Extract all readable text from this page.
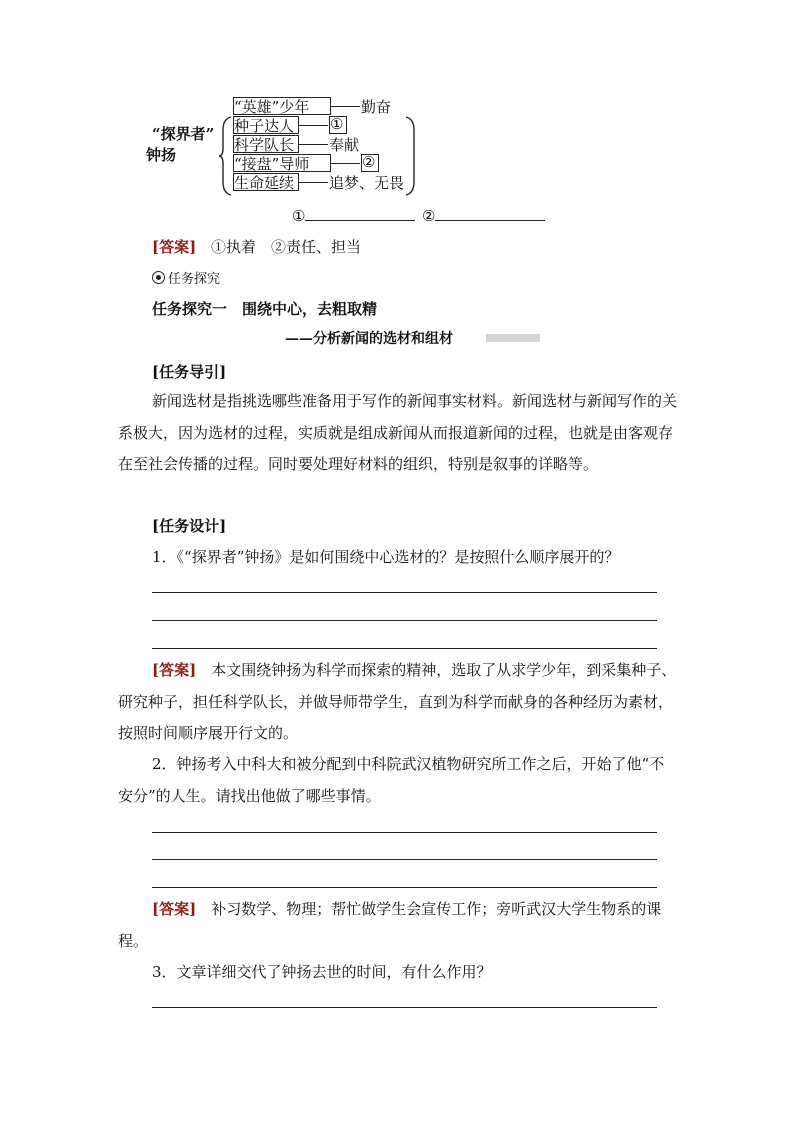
“探界者”
钟扬
“英雄”少年	勤奋
种子达人 ①
科学队长 奉献
“接盘”导师	②
生命延续 追梦、无畏
①	②
[答案] ①执着　②责任、担当
任务探究
任务探究一　围绕中心，去粗取精
——分析新闻的选材和组材
[任务导引]
新闻选材是指挑选哪些准备用于写作的新闻事实材料。新闻选材与新闻写作的关系极大，因为选材的过程，实质就是组成新闻从而报道新闻的过程，也就是由客观存在至社会传播的过程。同时要处理好材料的组织，特别是叙事的详略等。
[任务设计]
1．《“探界者”钟扬》是如何围绕中心选材的？是按照什么顺序展开的？
[答案]　 本文围绕钟扬为科学而探索的精神，选取了从求学少年，到采集种子、研究种子，担任科学队长，并做导师带学生，直到为科学而献身的各种经历为素材，按照时间顺序展开行文的。
2．钟扬考入中科大和被分配到中科院武汉植物研究所工作之后，开始了他“不安分”的人生。请找出他做了哪些事情。
[答案]　 补习数学、物理；帮忙做学生会宣传工作；旁听武汉大学生物系的课程。
3．文章详细交代了钟扬去世的时间，有什么作用？
